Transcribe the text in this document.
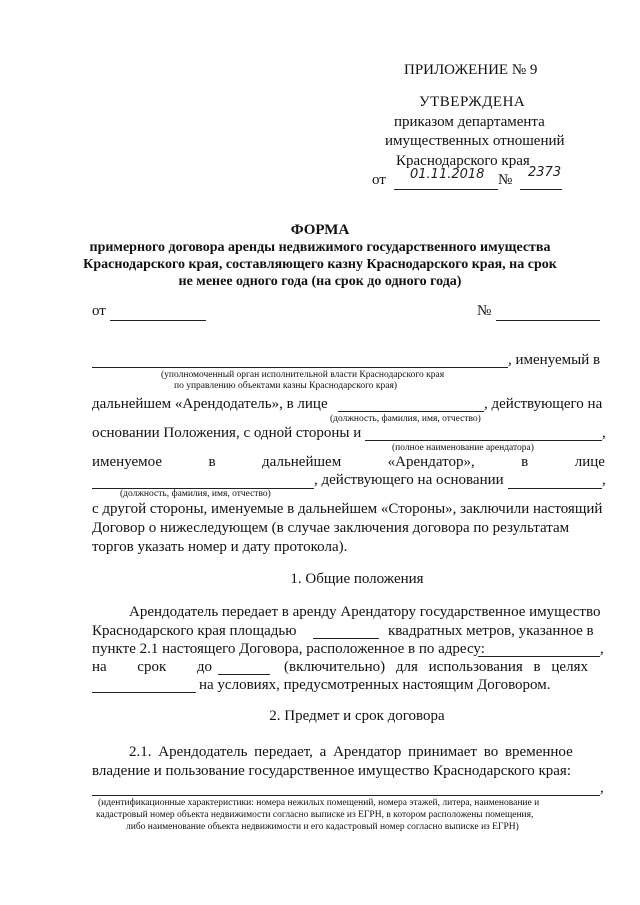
ПРИЛОЖЕНИЕ № 9
УТВЕРЖДЕНА
приказом департамента
имущественных отношений
Краснодарского края
от 01.11.2018 № 2373
ФОРМА
примерного договора аренды недвижимого государственного имущества
Краснодарского края, составляющего казну Краснодарского края, на срок
не менее одного года (на срок до одного года)
от	№
, именуемый в
(уполномоченный орган исполнительной власти Краснодарского края
по управлению объектами казны Краснодарского края)
дальнейшем «Арендодатель», в лице	, действующего на
(должность, фамилия, имя, отчество)
основании Положения, с одной стороны и	,
(полное наименование арендатора)
именуемое	в	дальнейшем	«Арендатор»,	в	лице
, действующего на основании	,
(должность, фамилия, имя, отчество)
с другой стороны, именуемые в дальнейшем «Стороны», заключили настоящий
Договор о нижеследующем (в случае заключения договора по результатам
торгов указать номер и дату протокола).
1. Общие положения
Арендодатель передает в аренду Арендатору государственное имущество
Краснодарского края площадью	квадратных метров, указанное в
пункте 2.1 настоящего Договора, расположенное в по адресу:	,
на срок до	(включительно) для использования в целях
на условиях, предусмотренных настоящим Договором.
2. Предмет и срок договора
2.1. Арендодатель передает, а Арендатор принимает во временное
владение и пользование государственное имущество Краснодарского края:
,
(идентификационные характеристики: номера нежилых помещений, номера этажей, литера, наименование и
кадастровый номер объекта недвижимости согласно выписке из ЕГРН, в котором расположены помещения,
либо наименование объекта недвижимости и его кадастровый номер согласно выписке из ЕГРН)
